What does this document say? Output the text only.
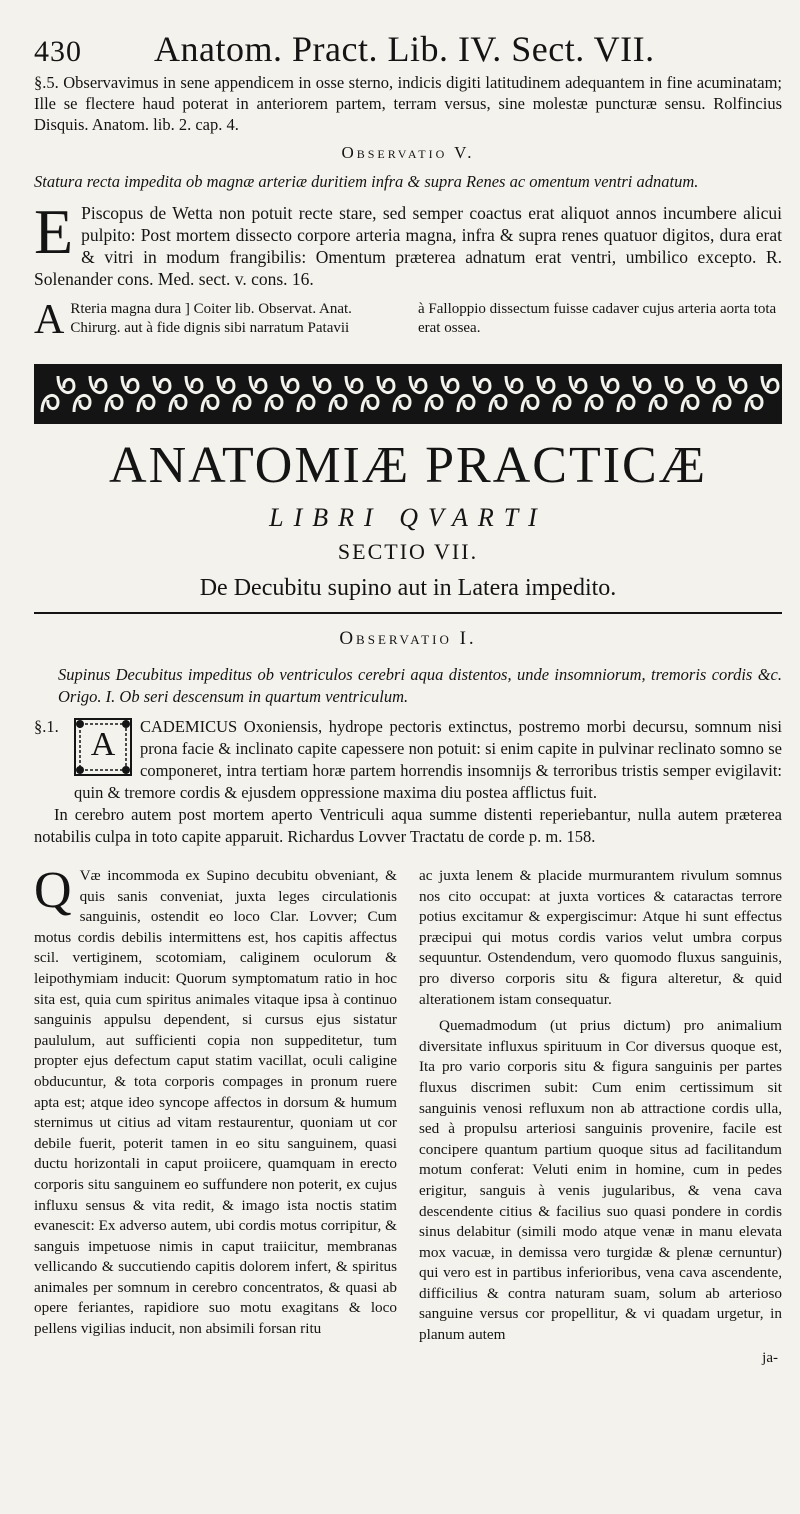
430	Anatom. Pract. Lib. IV. Sect. VII.

§.5. Observavimus in sene appendicem in osse sterno, indicis digiti latitudinem adequantem in fine acuminatam; Ille se flectere haud poterat in anteriorem partem, terram versus, sine molestæ puncturæ sensu. Rolfincius Disquis. Anatom. lib. 2. cap. 4.

Observatio V.

Statura recta impedita ob magnæ arteriæ duritiem infra & supra Renes ac omentum ventri adnatum.

E Piscopus de Wetta non potuit recte stare, sed semper coactus erat aliquot annos incumbere alicui pulpito: Post mortem dissecto corpore arteria magna, infra & supra renes quatuor digitos, dura erat & vitri in modum frangibilis: Omentum præterea adnatum erat ventri, umbilico excepto. R. Solenander cons. Med. sect. v. cons. 16.

A Rteria magna dura ] Coiter lib. Observat. Anat. Chirurg. aut à fide dignis sibi narratum Patavii
à Falloppio dissectum fuisse cadaver cujus arteria aorta tota erat ossea.
ANATOMIÆ PRACTICÆ
LIBRI QVARTI
SECTIO VII.
De Decubitu supino aut in Latera impedito.
Observatio I.

Supinus Decubitus impeditus ob ventriculos cerebri aqua distentos, unde insomniorum, tremoris cordis &c. Origo. I. Ob seri descensum in quartum ventriculum.

§.1. A	CADEMICUS Oxoniensis, hydrope pectoris extinctus, postremo morbi decursu, somnum nisi prona facie & inclinato capite capessere non potuit: si enim capite in pulvinar reclinato somno se componeret, intra tertiam horæ partem horrendis insomnijs & terroribus tristis semper evigilavit: quin & tremore cordis & ejusdem oppressione maxima diu postea afflictus fuit.

In cerebro autem post mortem aperto Ventriculi aqua summe distenti reperiebantur, nulla autem præterea notabilis culpa in toto capite apparuit. Richardus Lovver Tractatu de corde p. m. 158.

Q Væ incommoda ex Supino decubitu obveniant, & quis sanis conveniat, juxta leges circulationis sanguinis, ostendit eo loco Clar. Lovver; Cum motus cordis debilis intermittens est, hos capitis affectus scil. vertiginem, scotomiam, caliginem oculorum & leipothymiam inducit: Quorum symptomatum ratio in hoc sita est, quia cum spiritus animales vitaque ipsa à continuo sanguinis appulsu dependent, si cursus ejus sistatur paululum, aut sufficienti copia non suppeditetur, tum propter ejus defectum caput statim vacillat, oculi caligine obducuntur, & tota corporis compages in pronum ruere apta est; atque ideo syncope affectos in dorsum & humum sternimus ut citius ad vitam restaurentur, quoniam ut cor debile fuerit, poterit tamen in eo situ sanguinem, quasi ductu horizontali in caput proiicere, quamquam in erecto corporis situ sanguinem eo suffundere non poterit, ex cujus influxu sensus & vita redit, & imago ista noctis statim evanescit: Ex adverso autem, ubi cordis motus corripitur, & sanguis impetuose nimis in caput traiicitur, membranas vellicando & succutiendo capitis dolorem infert, & spiritus animales per somnum in cerebro concentratos, & quasi ab opere feriantes, rapidiore suo motu exagitans & loco pellens vigilias inducit, non absimili forsan ritu

ac juxta lenem & placide murmurantem rivulum somnus nos cito occupat: at juxta vortices & cataractas terrore potius excitamur & expergiscimur: Atque hi sunt effectus præcipui qui motus cordis varios velut umbra corpus sequuntur. Ostendendum, vero quomodo fluxus sanguinis, pro diverso corporis situ & figura alteretur, & quid alterationem istam consequatur.

Quemadmodum (ut prius dictum) pro animalium diversitate influxus spirituum in Cor diversus quoque est, Ita pro vario corporis situ & figura sanguinis per partes fluxus discrimen subit: Cum enim certissimum sit sanguinis venosi refluxum non ab attractione cordis ulla, sed à propulsu arteriosi sanguinis provenire, facile est concipere quantum partium quoque situs ad facilitandum motum conferat: Veluti enim in homine, cum in pedes erigitur, sanguis à venis jugularibus, & vena cava descendente citius & facilius suo quasi pondere in cordis sinus delabitur (simili modo atque venæ in manu elevata mox vacuæ, in demissa vero turgidæ & plenæ cernuntur) qui vero est in partibus inferioribus, vena cava ascendente, difficilius & contra naturam suam, solum ab arterioso sanguine versus cor propellitur, & vi quadam urgetur, in planum autem

ja-
